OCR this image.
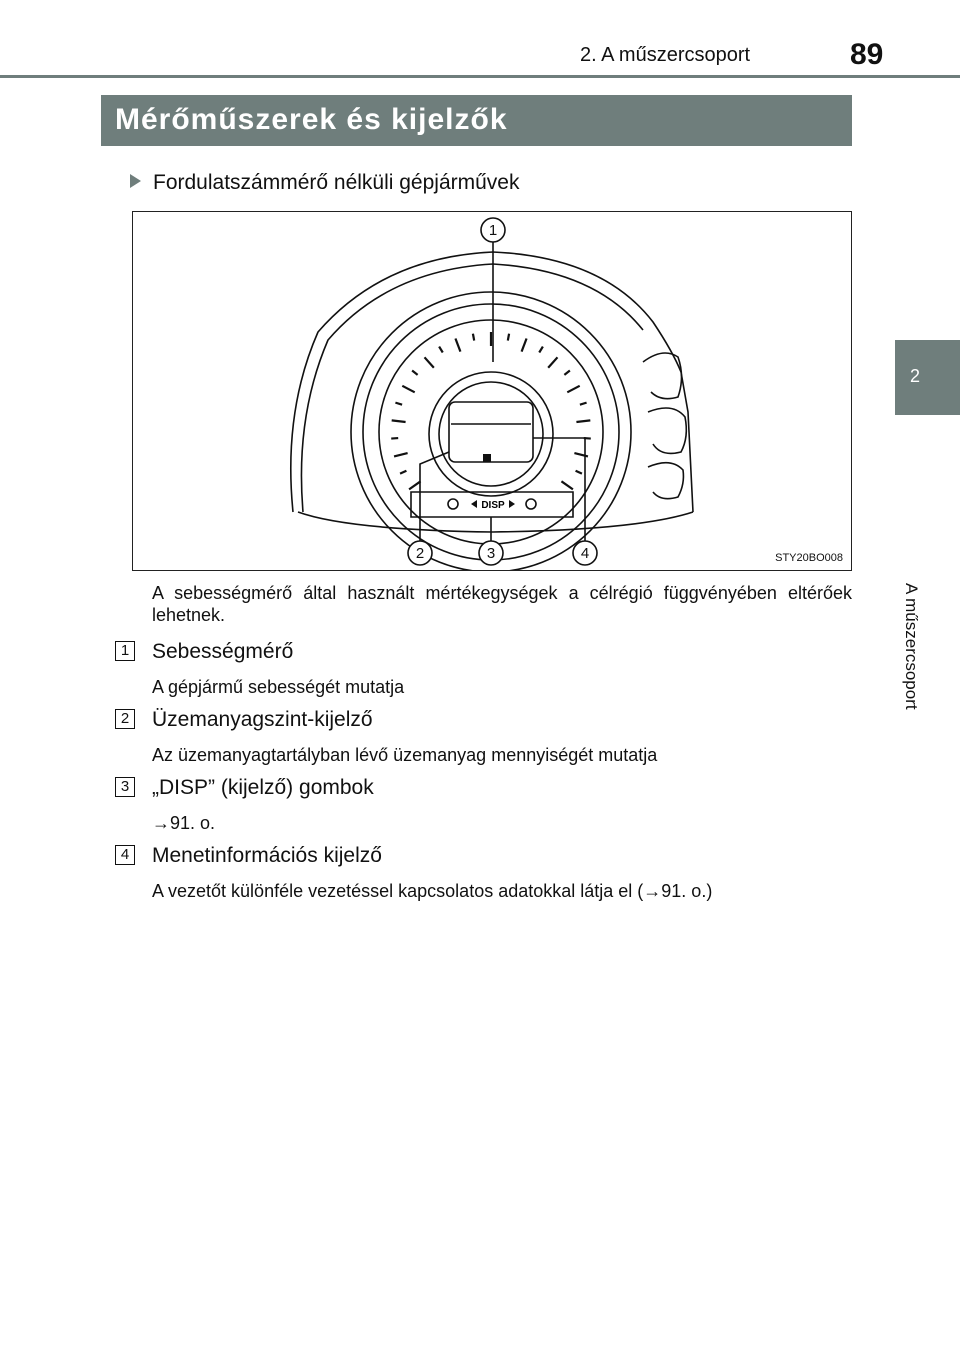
2. A műszercsoport	89
2
A műszercsoport
Mérőműszerek és kijelzők
Fordulatszámmérő nélküli gépjárművek
DISP
1
2	3	4	STY20BO008
A sebességmérő által használt mértékegységek a célrégió függvényében eltérőek lehetnek.
1 Sebességmérő
A gépjármű sebességét mutatja
2 Üzemanyagszint-kijelző
Az üzemanyagtartályban lévő üzemanyag mennyiségét mutatja
3 „DISP” (kijelző) gombok
→91. o.
4 Menetinformációs kijelző
A vezetőt különféle vezetéssel kapcsolatos adatokkal látja el (→91. o.)
